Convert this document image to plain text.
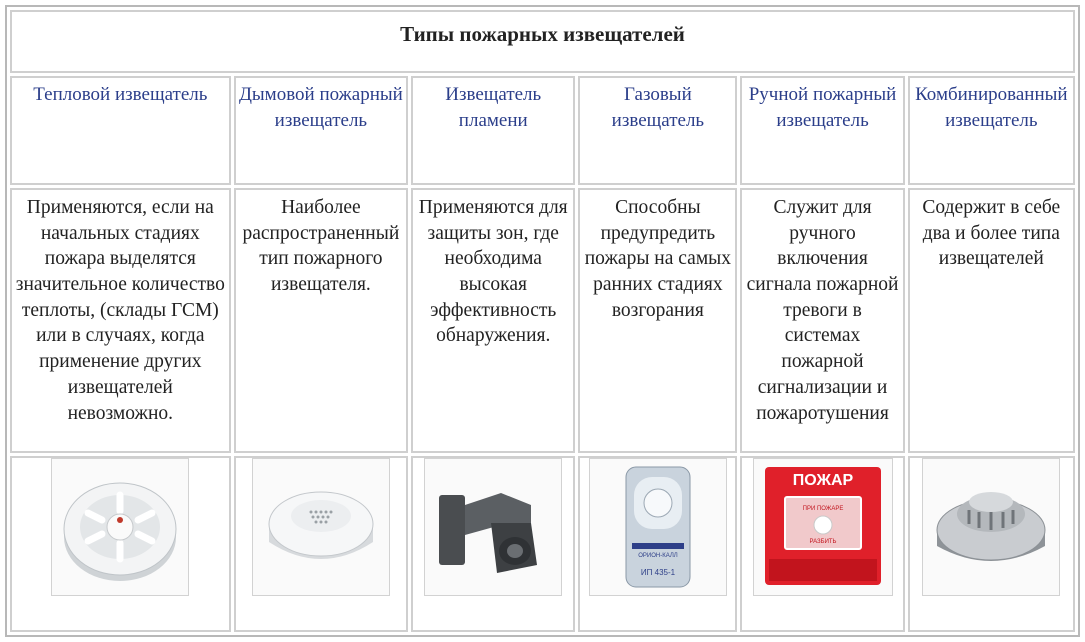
Типы пожарных извещателей					

Тепловой извещатель	Дымовой пожарный извещатель	Извещатель пламени	Газовый извещатель	Ручной пожарный извещатель	Комбинированный извещатель

Применяются, если на начальных стадиях пожара выделятся значительное количество теплоты, (склады ГСМ) или в случаях, когда применение других извещателей невозможно.	Наиболее распространенный тип пожарного извещателя.	Применяются для защиты зон, где необходима высокая эффективность обнаружения.	Способны предупредить пожары на самых ранних стадиях возгорания	Служит для ручного включения сигнала пожарной тревоги в системах пожарной сигнализации и пожаротушения	Содержит в себе два и более типа извещателей

ОРИОН-КАЛЛ
ИП 435-1	ПОЖАР
ПРИ ПОЖАРЕ
РАЗБИТЬ
